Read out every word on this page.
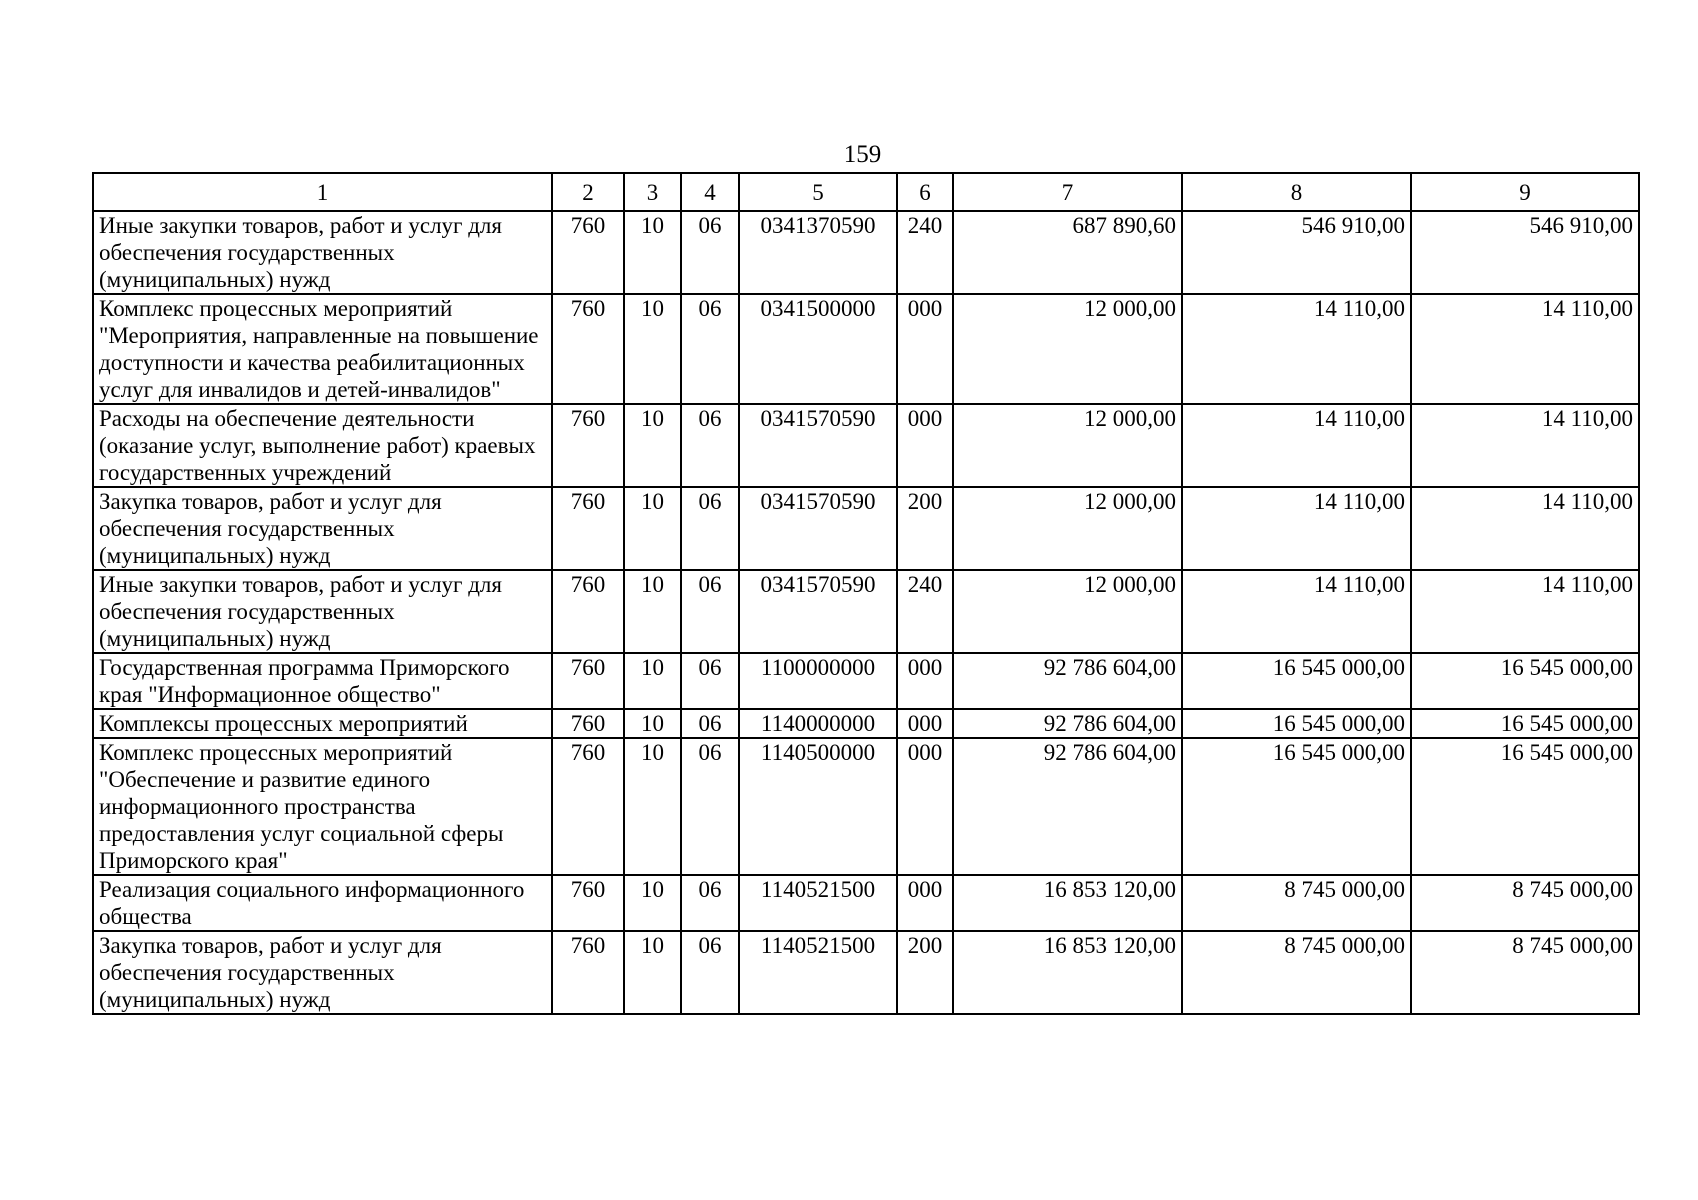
159
1	2	3	4	5	6	7	8	9
Иные закупки товаров, работ и услуг для обеспечения государственных (муниципальных) нужд	760	10	06	0341370590	240	687 890,60	546 910,00	546 910,00
Комплекс процессных мероприятий "Мероприятия, направленные на повышение доступности и качества реабилитационных услуг для инвалидов и детей-инвалидов"	760	10	06	0341500000	000	12 000,00	14 110,00	14 110,00
Расходы на обеспечение деятельности (оказание услуг, выполнение работ) краевых государственных учреждений	760	10	06	0341570590	000	12 000,00	14 110,00	14 110,00
Закупка товаров, работ и услуг для обеспечения государственных (муниципальных) нужд	760	10	06	0341570590	200	12 000,00	14 110,00	14 110,00
Иные закупки товаров, работ и услуг для обеспечения государственных (муниципальных) нужд	760	10	06	0341570590	240	12 000,00	14 110,00	14 110,00
Государственная программа Приморского края "Информационное общество"	760	10	06	1100000000	000	92 786 604,00	16 545 000,00	16 545 000,00
Комплексы процессных мероприятий	760	10	06	1140000000	000	92 786 604,00	16 545 000,00	16 545 000,00
Комплекс процессных мероприятий "Обеспечение и развитие единого информационного пространства предоставления услуг социальной сферы Приморского края"	760	10	06	1140500000	000	92 786 604,00	16 545 000,00	16 545 000,00
Реализация социального информационного общества	760	10	06	1140521500	000	16 853 120,00	8 745 000,00	8 745 000,00
Закупка товаров, работ и услуг для обеспечения государственных (муниципальных) нужд	760	10	06	1140521500	200	16 853 120,00	8 745 000,00	8 745 000,00
